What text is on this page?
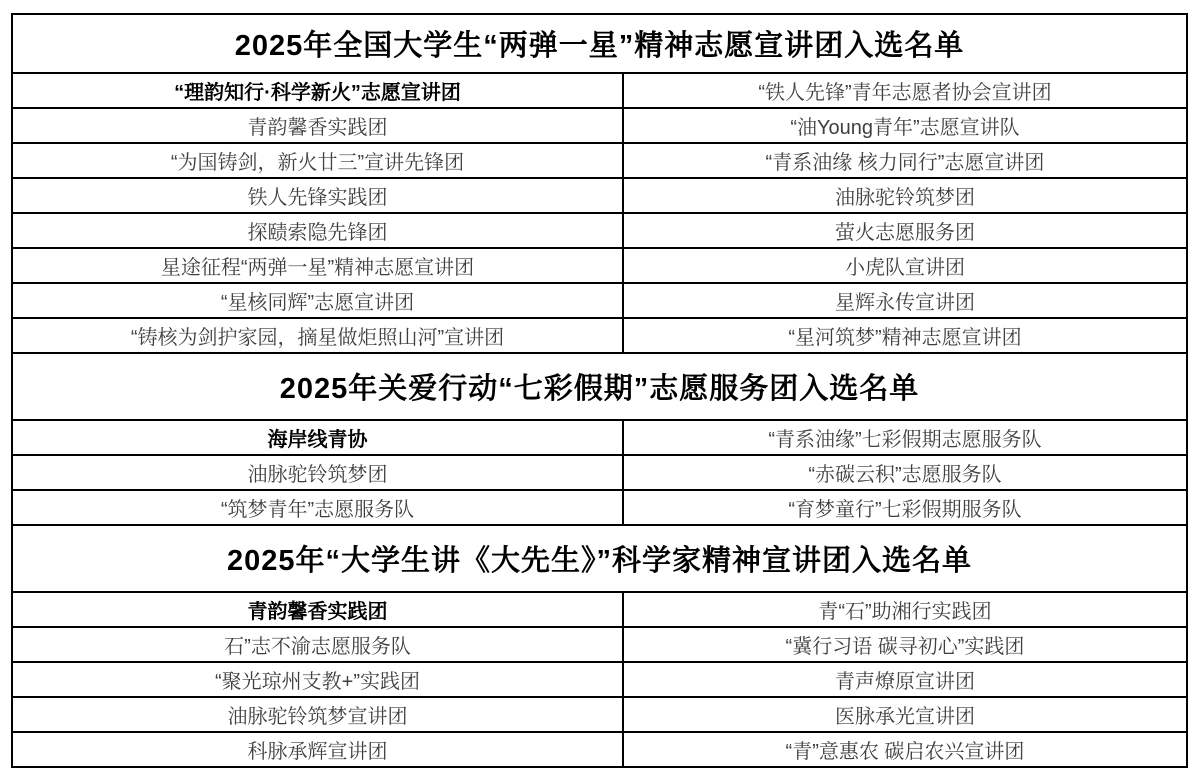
2025年全国大学生“两弹一星”精神志愿宣讲团入选名单	
“理韵知行·科学新火”志愿宣讲团	“铁人先锋”青年志愿者协会宣讲团
青韵馨香实践团	“油Young青年”志愿宣讲队
“为国铸剑，新火廿三”宣讲先锋团	“青系油缘 核力同行”志愿宣讲团
铁人先锋实践团	油脉驼铃筑梦团
探赜索隐先锋团	萤火志愿服务团
星途征程“两弹一星”精神志愿宣讲团	小虎队宣讲团
“星核同辉”志愿宣讲团	星辉永传宣讲团
“铸核为剑护家园，摘星做炬照山河”宣讲团	“星河筑梦”精神志愿宣讲团
2025年关爱行动“七彩假期”志愿服务团入选名单	
海岸线青协	“青系油缘”七彩假期志愿服务队
油脉驼铃筑梦团	“赤碳云积”志愿服务队
“筑梦青年”志愿服务队	“育梦童行”七彩假期服务队
2025年“大学生讲《大先生》”科学家精神宣讲团入选名单	
青韵馨香实践团	青“石”助湘行实践团
石”志不渝志愿服务队	“冀行习语 碳寻初心”实践团
“聚光琼州支教+”实践团	青声燎原宣讲团
油脉驼铃筑梦宣讲团	医脉承光宣讲团
科脉承辉宣讲团	“青”意惠农 碳启农兴宣讲团
